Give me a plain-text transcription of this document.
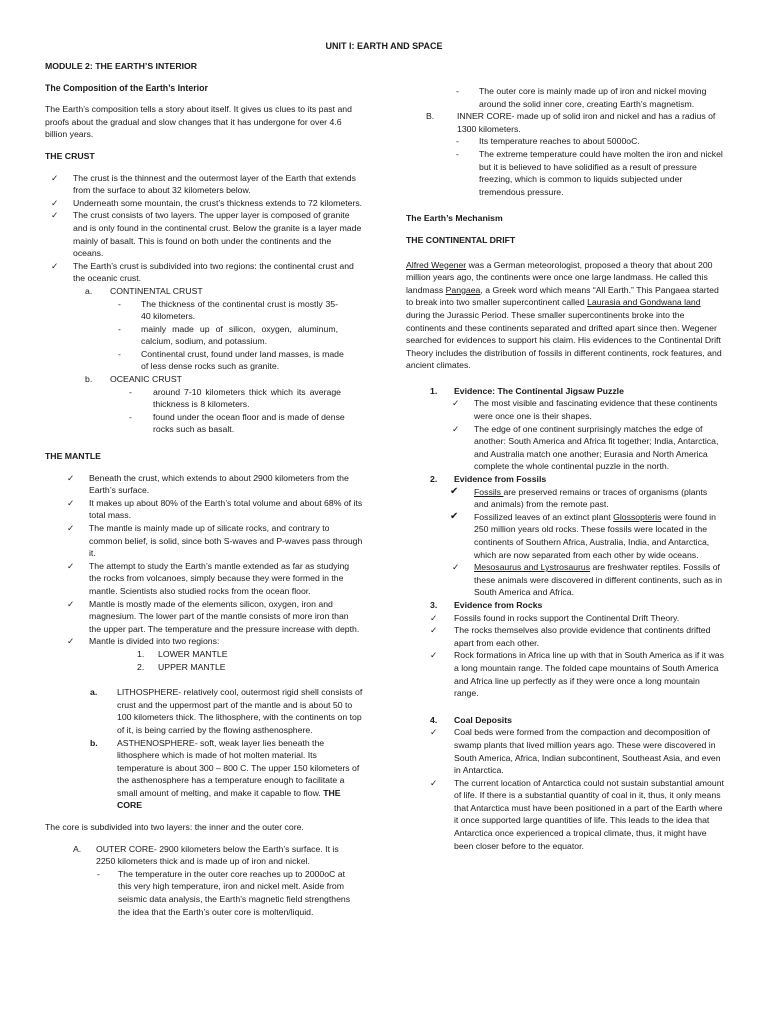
UNIT I: EARTH AND SPACE
MODULE 2: THE EARTH’S INTERIOR
The Composition of the Earth’s Interior
The Earth’s composition tells a story about itself. It gives us clues to its past and proofs about the gradual and slow changes that it has undergone for over 4.6 billion years.
THE CRUST
✓	The crust is the thinnest and the outermost layer of the Earth that extends from the surface to about 32 kilometers below.
✓	Underneath some mountain, the crust’s thickness extends to 72 kilometers.
✓	The crust consists of two layers. The upper layer is composed of granite and is only found in the continental crust. Below the granite is a layer made mainly of basalt. This is found on both under the continents and the oceans.
✓	The Earth’s crust is subdivided into two regions: the continental crust and the oceanic crust.
a. CONTINENTAL CRUST
- The thickness of the continental crust is mostly 35-40 kilometers.
- mainly made up of silicon, oxygen, aluminum, calcium, sodium, and potassium.
- Continental crust, found under land masses, is made of less dense rocks such as granite.
b. OCEANIC CRUST
- around 7-10 kilometers thick which its average thickness is 8 kilometers.
- found under the ocean floor and is made of dense rocks such as basalt.
THE MANTLE
✓	Beneath the crust, which extends to about 2900 kilometers from the Earth’s surface.
✓	It makes up about 80% of the Earth’s total volume and about 68% of its total mass.
✓	The mantle is mainly made up of silicate rocks, and contrary to common belief, is solid, since both S-waves and P-waves pass through it.
✓	The attempt to study the Earth’s mantle extended as far as studying the rocks from volcanoes, simply because they were formed in the mantle. Scientists also studied rocks from the ocean floor.
✓	Mantle is mostly made of the elements silicon, oxygen, iron and magnesium. The lower part of the mantle consists of more iron than the upper part. The temperature and the pressure increase with depth.
✓	Mantle is divided into two regions:
1. LOWER MANTLE
2. UPPER MANTLE
a. LITHOSPHERE- relatively cool, outermost rigid shell consists of crust and the uppermost part of the mantle and is about 50 to 100 kilometers thick. The lithosphere, with the continents on top of it, is being carried by the flowing asthenosphere.
b. ASTHENOSPHERE- soft, weak layer lies beneath the lithosphere which is made of hot molten material. Its temperature is about 300 – 800 C. The upper 150 kilometers of the asthenosphere has a temperature enough to facilitate a small amount of melting, and make it capable to flow. THE CORE
The core is subdivided into two layers: the inner and the outer core.
A. OUTER CORE- 2900 kilometers below the Earth’s surface. It is 2250 kilometers thick and is made up of iron and nickel.
- The temperature in the outer core reaches up to 2000oC at this very high temperature, iron and nickel melt. Aside from seismic data analysis, the Earth’s magnetic field strengthens the idea that the Earth’s outer core is molten/liquid.
- The outer core is mainly made up of iron and nickel moving around the solid inner core, creating Earth’s magnetism.
B.	INNER CORE- made up of solid iron and nickel and has a radius of 1300 kilometers.
- Its temperature reaches to about 5000oC.
- The extreme temperature could have molten the iron and nickel but it is believed to have solidified as a result of pressure freezing, which is common to liquids subjected under tremendous pressure.
The Earth’s Mechanism
THE CONTINENTAL DRIFT
Alfred Wegener was a German meteorologist, proposed a theory that about 200 million years ago, the continents were once one large landmass. He called this landmass Pangaea, a Greek word which means “All Earth.” This Pangaea started to break into two smaller supercontinent called Laurasia and Gondwana land during the Jurassic Period. These smaller supercontinents broke into the continents and these continents separated and drifted apart since then. Wegener searched for evidences to support his claim. His evidences to the Continental Drift Theory includes the distribution of fossils in different continents, rock features, and ancient climates.
1. Evidence: The Continental Jigsaw Puzzle
✓	The most visible and fascinating evidence that these continents were once one is their shapes.
✓	The edge of one continent surprisingly matches the edge of another: South America and Africa fit together; India, Antarctica, and Australia match one another; Eurasia and North America complete the whole continental puzzle in the north.
2. Evidence from Fossils
✔	Fossils are preserved remains or traces of organisms (plants and animals) from the remote past.
✔	Fossilized leaves of an extinct plant Glossopteris were found in 250 million years old rocks. These fossils were located in the continents of Southern Africa, Australia, India, and Antarctica, which are now separated from each other by wide oceans.
✓	Mesosaurus and Lystrosaurus are freshwater reptiles. Fossils of these animals were discovered in different continents, such as in South America and Africa.
3. Evidence from Rocks
✓	Fossils found in rocks support the Continental Drift Theory.
✓	The rocks themselves also provide evidence that continents drifted apart from each other.
✓	Rock formations in Africa line up with that in South America as if it was a long mountain range. The folded cape mountains of South America and Africa line up perfectly as if they were once a long mountain range.
4. Coal Deposits
✓	Coal beds were formed from the compaction and decomposition of swamp plants that lived million years ago. These were discovered in South America, Africa, Indian subcontinent, Southeast Asia, and even in Antarctica.
✓	The current location of Antarctica could not sustain substantial amount of life. If there is a substantial quantity of coal in it, thus, it only means that Antarctica must have been positioned in a part of the Earth where it once supported large quantities of life. This leads to the idea that Antarctica once experienced a tropical climate, thus, it might have been closer before to the equator.
